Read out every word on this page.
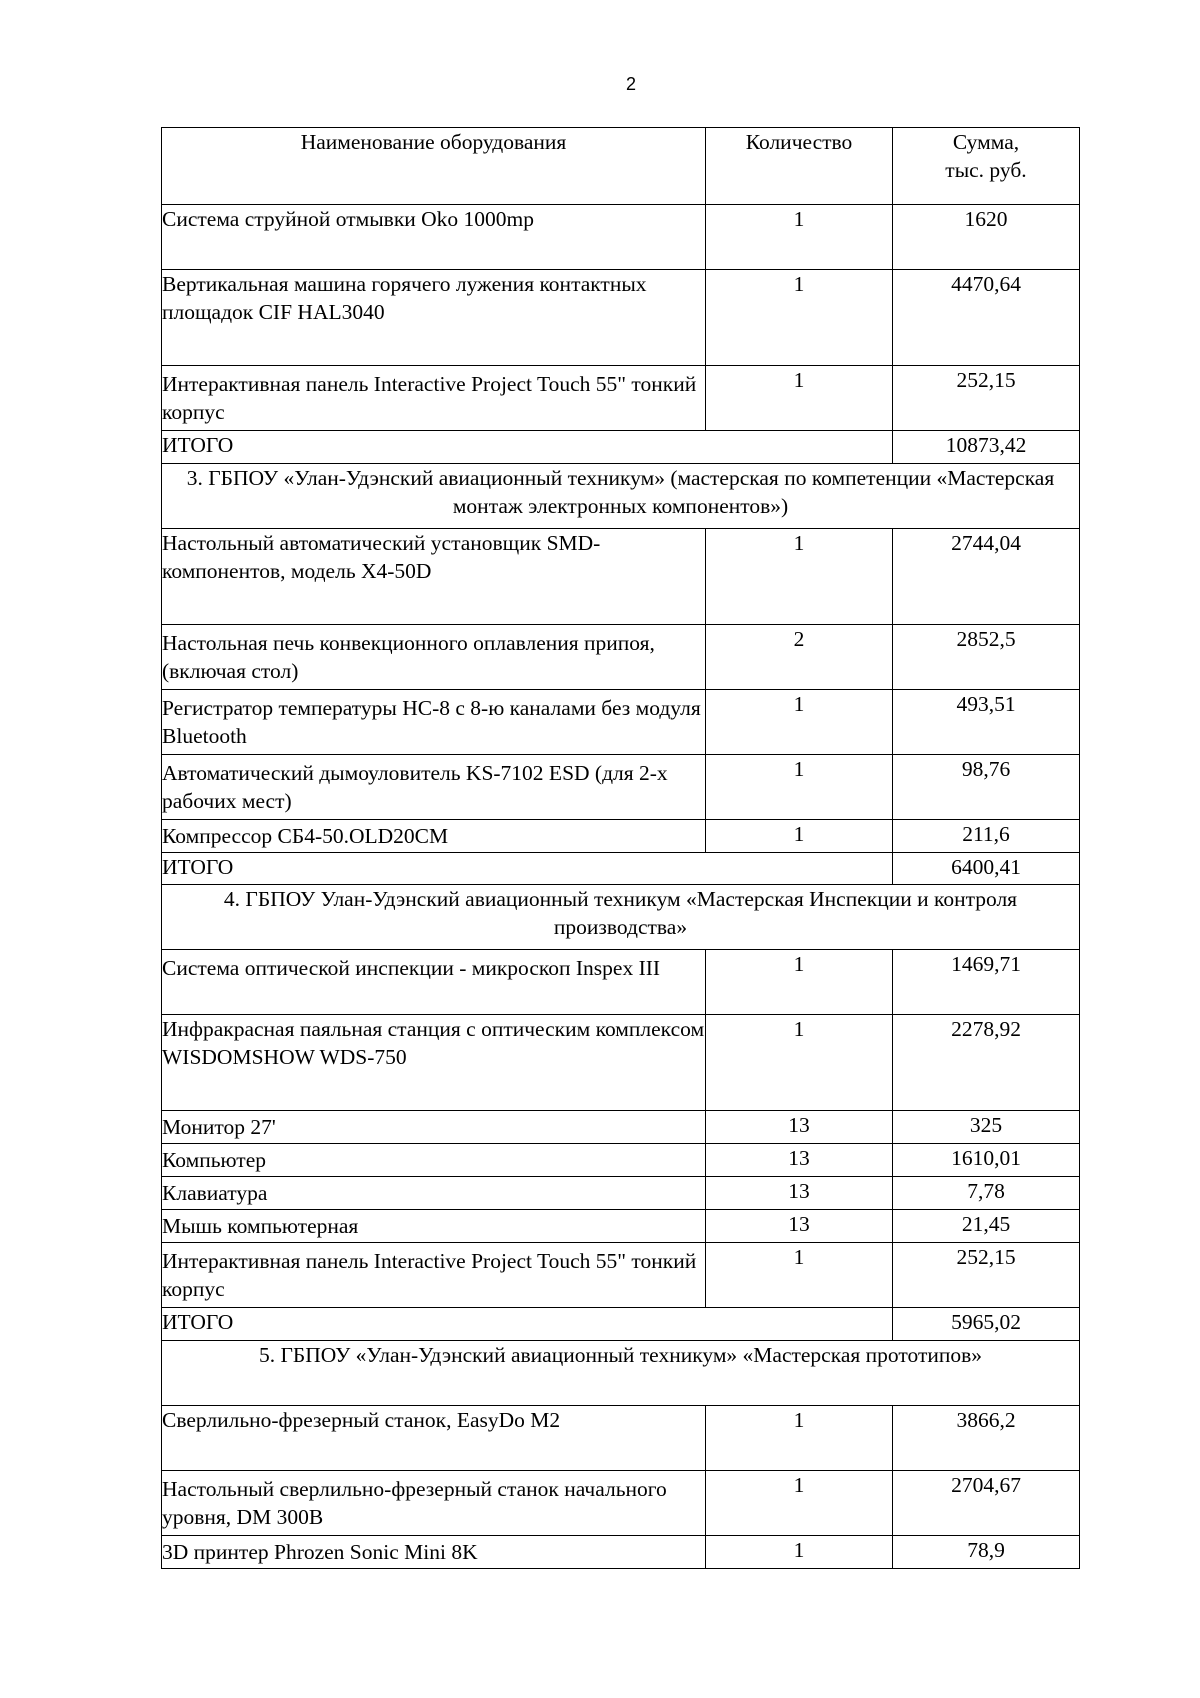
2
Наименование оборудования	Количество	Сумма,
тыс. руб.
Система струйной отмывки Oko 1000mp	1	1620
Вертикальная машина горячего лужения контактных площадок CIF HAL3040	1	4470,64
Интерактивная панель Interactive Project Touch 55" тонкий корпус	1	252,15
ИТОГО		10873,42
3. ГБПОУ «Улан-Удэнский авиационный техникум» (мастерская по компетенции «Мастерская монтаж электронных компонентов»)		
Настольный автоматический установщик SMD-компонентов, модель X4-50D	1	2744,04
Настольная печь конвекционного оплавления припоя, (включая стол)	2	2852,5
Регистратор температуры HC-8 с 8-ю каналами без модуля Bluetooth	1	493,51
Автоматический дымоуловитель KS-7102 ESD (для 2-х рабочих мест)	1	98,76
Компрессор СБ4-50.OLD20CM	1	211,6
ИТОГО		6400,41
4. ГБПОУ Улан-Удэнский авиационный техникум «Мастерская Инспекции и контроля производства»		
Система оптической инспекции - микроскоп Inspex III	1	1469,71
Инфракрасная паяльная станция с оптическим комплексом WISDOMSHOW WDS-750	1	2278,92
Монитор 27'	13	325
Компьютер	13	1610,01
Клавиатура	13	7,78
Мышь компьютерная	13	21,45
Интерактивная панель Interactive Project Touch 55" тонкий корпус	1	252,15
ИТОГО		5965,02
5. ГБПОУ «Улан-Удэнский авиационный техникум» «Мастерская прототипов»		
Сверлильно-фрезерный станок, EasyDo M2	1	3866,2
Настольный сверлильно-фрезерный станок начального уровня, DM 300B	1	2704,67
3D принтер Phrozen Sonic Mini 8K	1	78,9
